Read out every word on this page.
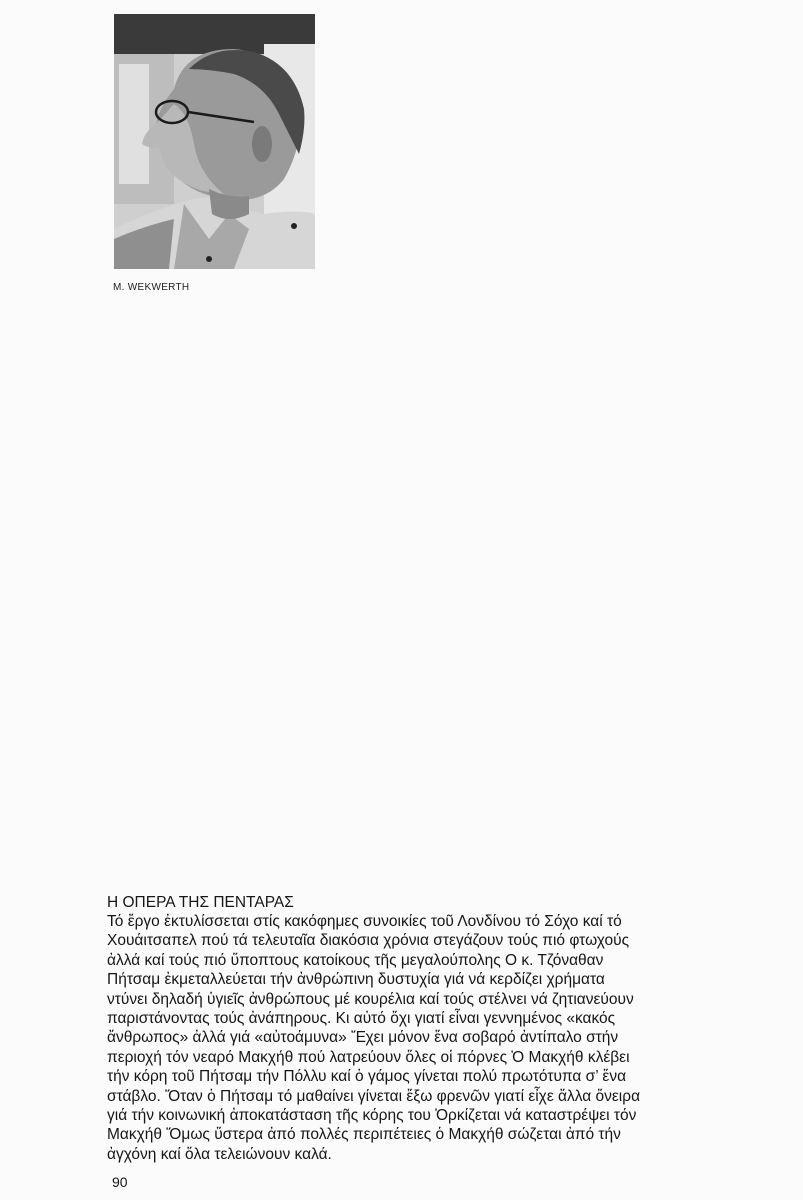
M. WEKWERTH
Η ΟΠΕΡΑ ΤΗΣ ΠΕΝΤΑΡΑΣ
Τό ἔργο ἐκτυλίσσεται στίς κακόφημες συνοικίες τοῦ Λονδίνου τό Σόχο καί τό
Χουάιτσαπελ πού τά τελευταῖα διακόσια χρόνια στεγάζουν τούς πιό φτωχούς
ἀλλά καί τούς πιό ὕποπτους κατοίκους τῆς μεγαλούπολης Ο κ. Τζόναθαν
Πήτσαμ ἐκμεταλλεύεται τήν ἀνθρώπινη δυστυχία γιά νά κερδίζει χρήματα
ντύνει δηλαδή ὑγιεῖς ἀνθρώπους μέ κουρέλια καί τούς στέλνει νά ζητιανεύουν
παριστάνοντας τούς ἀνάπηρους. Κι αὐτό ὄχι γιατί εἶναι γεννημένος «κακός
ἄνθρωπος» ἀλλά γιά «αὐτοάμυνα» Ἔχει μόνον ἕνα σοβαρό ἀντίπαλο στήν
περιοχή τόν νεαρό Μακχήθ πού λατρεύουν ὅλες οἱ πόρνες Ὁ Μακχήθ κλέβει
τήν κόρη τοῦ Πήτσαμ τήν Πόλλυ καί ὁ γάμος γίνεται πολύ πρωτότυπα σ’ ἕνα
στάβλο. Ὅταν ὁ Πήτσαμ τό μαθαίνει γίνεται ἔξω φρενῶν γιατί εἶχε ἄλλα ὄνειρα
γιά τήν κοινωνική ἀποκατάσταση τῆς κόρης του Ὁρκίζεται νά καταστρέψει τόν
Μακχήθ Ὅμως ὕστερα ἀπό πολλές περιπέτειες ὁ Μακχήθ σώζεται ἀπό τήν
ἀγχόνη καί ὅλα τελειώνουν καλά.
90
